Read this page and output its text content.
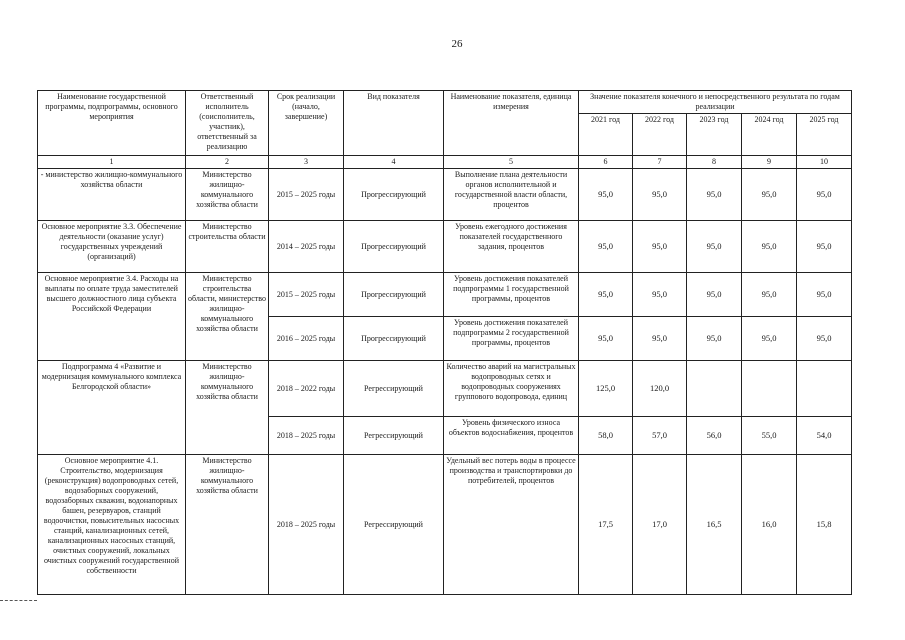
26
Наименование государственной программы, подпрограммы, основного мероприятия	Ответственный исполнитель (соисполнитель, участник), ответственный за реализацию	Срок реализации (начало, завершение)	Вид показателя	Наименование показателя, единица измерения	Значение показателя конечного и непосредственного результата по годам реализации				
					2021 год	2022 год	2023 год	2024 год	2025 год
1	2	3	4	5	6	7	8	9	10
- министерство жилищно-коммунального хозяйства области	Министерство жилищно-коммунального хозяйства области	2015 – 2025 годы	Прогрессирующий	Выполнение плана деятельности органов исполнительной и государственной власти области, процентов	95,0	95,0	95,0	95,0	95,0
Основное мероприятие 3.3. Обеспечение деятельности (оказание услуг) государственных учреждений (организаций)	Министерство строительства области	2014 – 2025 годы	Прогрессирующий	Уровень ежегодного достижения показателей государственного задания, процентов	95,0	95,0	95,0	95,0	95,0
Основное мероприятие 3.4. Расходы на выплаты по оплате труда заместителей высшего должностного лица субъекта Российской Федерации	Министерство строительства области, министерство жилищно-коммунального хозяйства области	2015 – 2025 годы	Прогрессирующий	Уровень достижения показателей подпрограммы 1 государственной программы, процентов	95,0	95,0	95,0	95,0	95,0
		2016 – 2025 годы	Прогрессирующий	Уровень достижения показателей подпрограммы 2 государственной программы, процентов	95,0	95,0	95,0	95,0	95,0
Подпрограмма 4 «Развитие и модернизация коммунального комплекса Белгородской области»	Министерство жилищно-коммунального хозяйства области	2018 – 2022 годы	Регрессирующий	Количество аварий на магистральных водопроводных сетях и водопроводных сооружениях группового водопровода, единиц	125,0	120,0			
		2018 – 2025 годы	Регрессирующий	Уровень физического износа объектов водоснабжения, процентов	58,0	57,0	56,0	55,0	54,0
Основное мероприятие 4.1. Строительство, модернизация (реконструкция) водопроводных сетей, водозаборных сооружений, водозаборных скважин, водонапорных башен, резервуаров, станций водоочистки, повысительных насосных станций, канализационных сетей, канализационных насосных станций, очистных сооружений, локальных очистных сооружений государственной собственности	Министерство жилищно-коммунального хозяйства области	2018 – 2025 годы	Регрессирующий	Удельный вес потерь воды в процессе производства и транспортировки до потребителей, процентов	17,5	17,0	16,5	16,0	15,8
